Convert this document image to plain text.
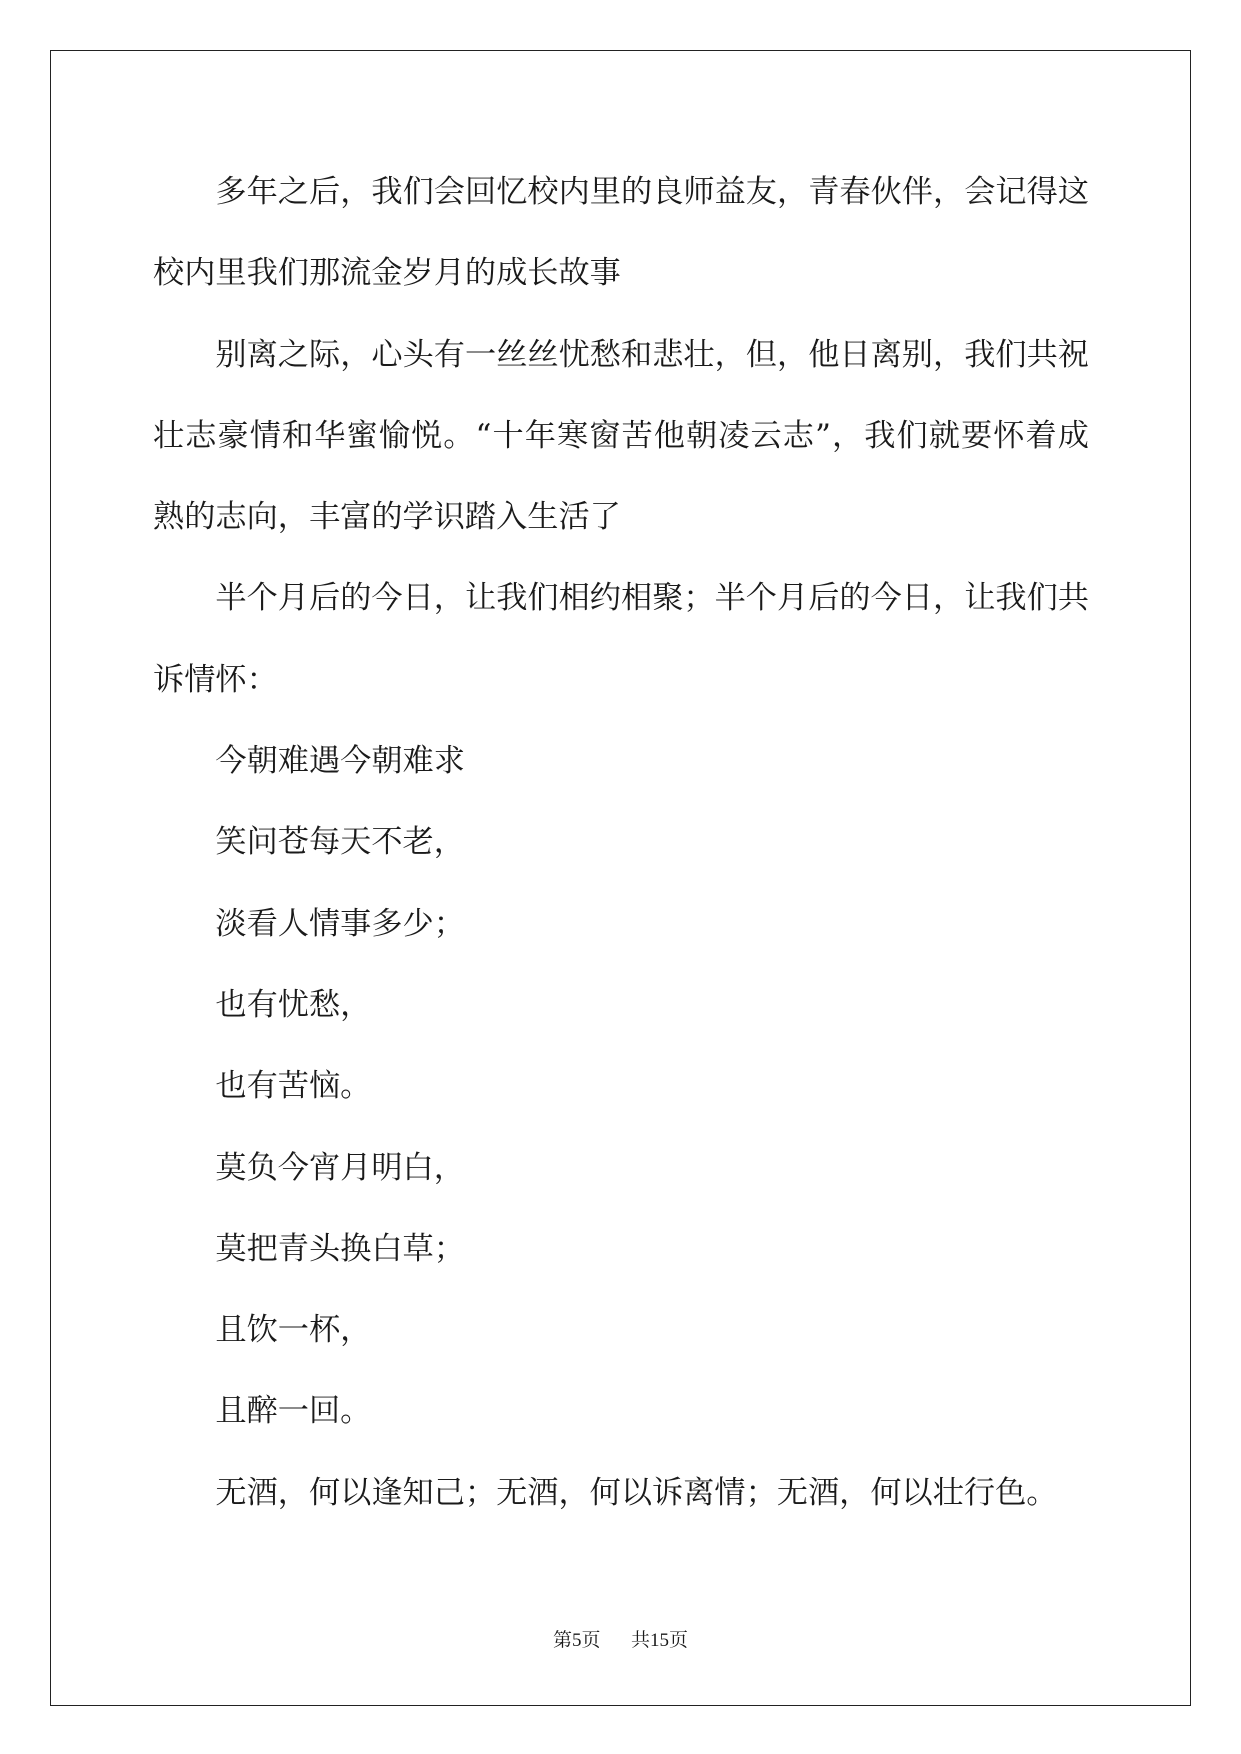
多年之后，我们会回忆校内里的良师益友，青春伙伴，会记得这校内里我们那流金岁月的成长故事

别离之际，心头有一丝丝忧愁和悲壮，但，他日离别，我们共祝壮志豪情和华蜜愉悦。“十年寒窗苦他朝凌云志”，我们就要怀着成熟的志向，丰富的学识踏入生活了

半个月后的今日，让我们相约相聚；半个月后的今日，让我们共诉情怀：

今朝难遇今朝难求

笑问苍每天不老，

淡看人情事多少；

也有忧愁，

也有苦恼。

莫负今宵月明白，

莫把青头换白草；

且饮一杯，

且醉一回。

无酒，何以逢知己；无酒，何以诉离情；无酒，何以壮行色。

第5页 共15页
